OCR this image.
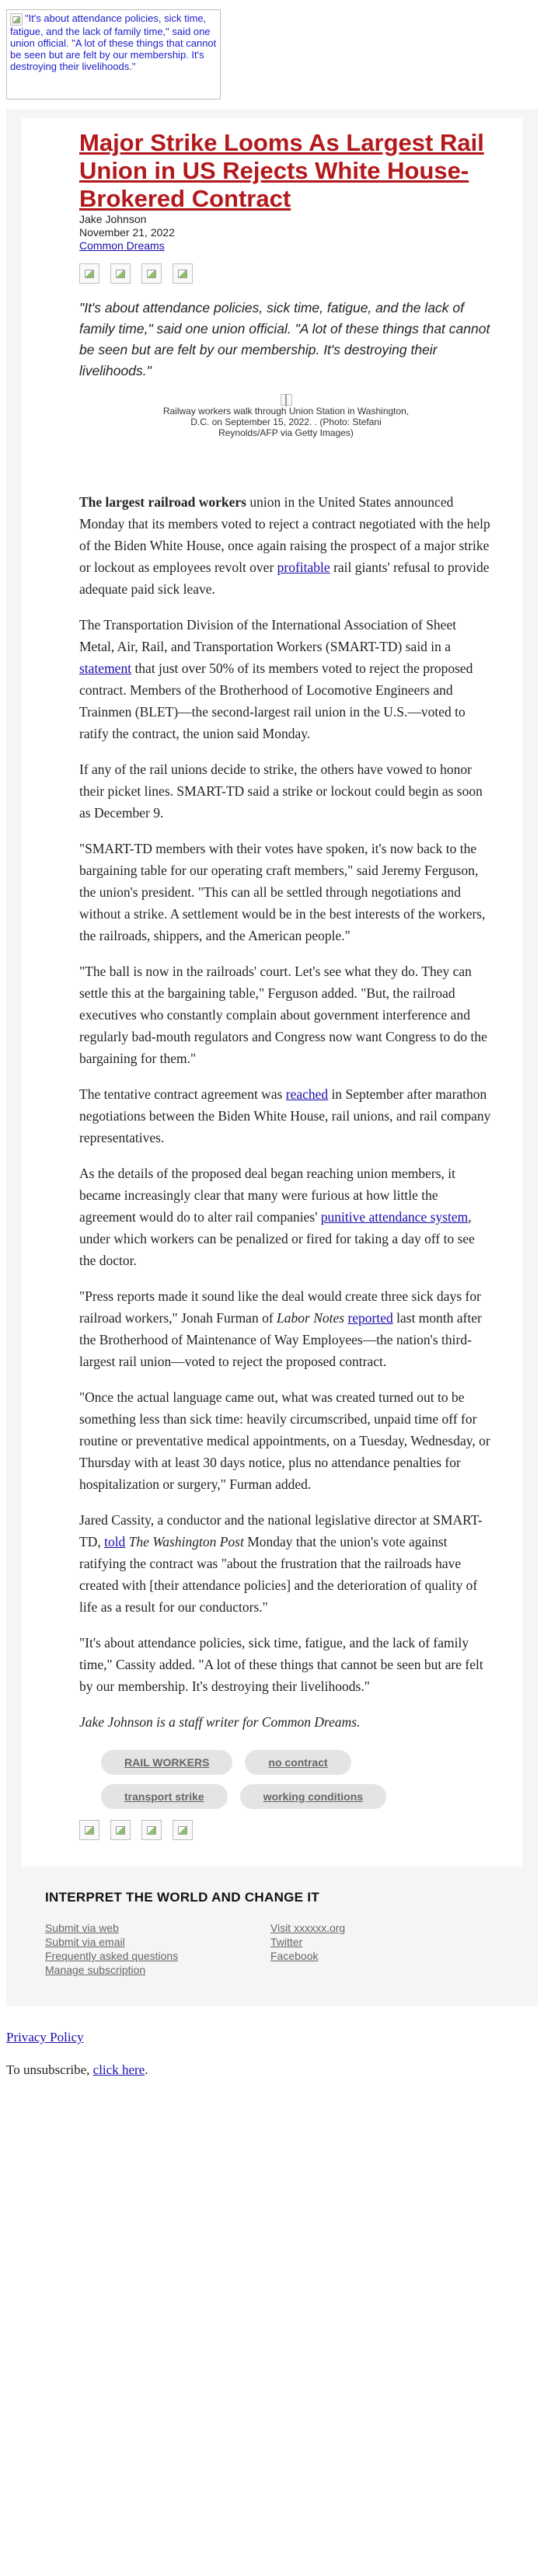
"It's about attendance policies, sick time, fatigue, and the lack of family time," said one union official. "A lot of these things that cannot be seen but are felt by our membership. It's destroying their livelihoods."
Major Strike Looms As Largest Rail Union in US Rejects White House-Brokered Contract
Jake Johnson
November 21, 2022
Common Dreams
"It's about attendance policies, sick time, fatigue, and the lack of family time," said one union official. "A lot of these things that cannot be seen but are felt by our membership. It's destroying their livelihoods."
Railway workers walk through Union Station in Washington, D.C. on September 15, 2022. . (Photo: Stefani Reynolds/AFP via Getty Images)

The largest railroad workers union in the United States announced Monday that its members voted to reject a contract negotiated with the help of the Biden White House, once again raising the prospect of a major strike or lockout as employees revolt over profitable rail giants' refusal to provide adequate paid sick leave.

The Transportation Division of the International Association of Sheet Metal, Air, Rail, and Transportation Workers (SMART-TD) said in a statement that just over 50% of its members voted to reject the proposed contract. Members of the Brotherhood of Locomotive Engineers and Trainmen (BLET)—the second-largest rail union in the U.S.—voted to ratify the contract, the union said Monday.

If any of the rail unions decide to strike, the others have vowed to honor their picket lines. SMART-TD said a strike or lockout could begin as soon as December 9.

"SMART-TD members with their votes have spoken, it's now back to the bargaining table for our operating craft members," said Jeremy Ferguson, the union's president. "This can all be settled through negotiations and without a strike. A settlement would be in the best interests of the workers, the railroads, shippers, and the American people."

"The ball is now in the railroads' court. Let's see what they do. They can settle this at the bargaining table," Ferguson added. "But, the railroad executives who constantly complain about government interference and regularly bad-mouth regulators and Congress now want Congress to do the bargaining for them."

The tentative contract agreement was reached in September after marathon negotiations between the Biden White House, rail unions, and rail company representatives.

As the details of the proposed deal began reaching union members, it became increasingly clear that many were furious at how little the agreement would do to alter rail companies' punitive attendance system, under which workers can be penalized or fired for taking a day off to see the doctor.

"Press reports made it sound like the deal would create three sick days for railroad workers," Jonah Furman of Labor Notes reported last month after the Brotherhood of Maintenance of Way Employees—the nation's third-largest rail union—voted to reject the proposed contract.

"Once the actual language came out, what was created turned out to be something less than sick time: heavily circumscribed, unpaid time off for routine or preventative medical appointments, on a Tuesday, Wednesday, or Thursday with at least 30 days notice, plus no attendance penalties for hospitalization or surgery," Furman added.

Jared Cassity, a conductor and the national legislative director at SMART-TD, told The Washington Post Monday that the union's vote against ratifying the contract was "about the frustration that the railroads have created with [their attendance policies] and the deterioration of quality of life as a result for our conductors."

"It's about attendance policies, sick time, fatigue, and the lack of family time," Cassity added. "A lot of these things that cannot be seen but are felt by our membership. It's destroying their livelihoods."

Jake Johnson is a staff writer for Common Dreams.

RAIL WORKERS	no contract
transport strike	working conditions
INTERPRET THE WORLD AND CHANGE IT
Submit via web
Submit via email
Frequently asked questions
Manage subscription
Visit xxxxxx.org
Twitter
Facebook
Privacy Policy
To unsubscribe, click here.
